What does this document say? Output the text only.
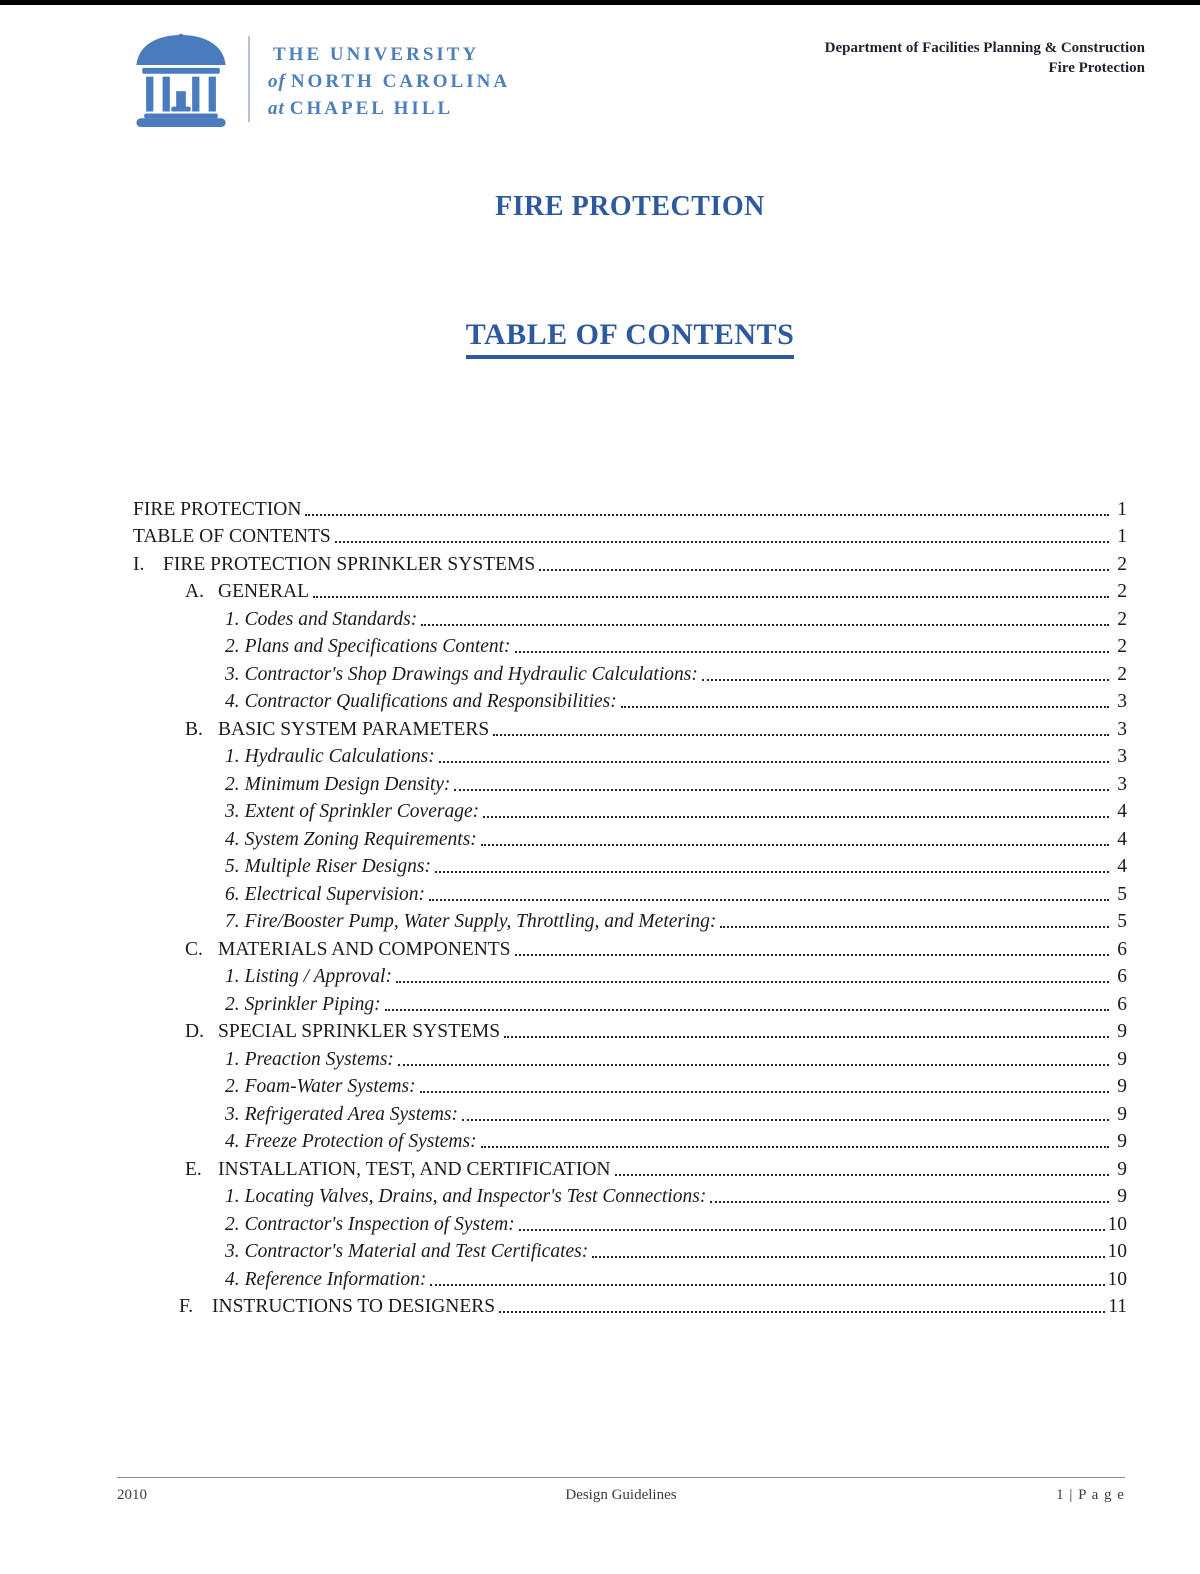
THE UNIVERSITY
of NORTH CAROLINA
at CHAPEL HILL
Department of Facilities Planning & Construction
Fire Protection
FIRE PROTECTION
TABLE OF CONTENTS
FIRE PROTECTION	1
TABLE OF CONTENTS	1
I. FIRE PROTECTION SPRINKLER SYSTEMS	2
A. GENERAL	2
1. Codes and Standards:	2
2. Plans and Specifications Content:	2
3. Contractor's Shop Drawings and Hydraulic Calculations:	2
4. Contractor Qualifications and Responsibilities:	3
B. BASIC SYSTEM PARAMETERS	3
1. Hydraulic Calculations:	3
2. Minimum Design Density:	3
3. Extent of Sprinkler Coverage:	4
4. System Zoning Requirements:	4
5. Multiple Riser Designs:	4
6. Electrical Supervision:	5
7. Fire/Booster Pump, Water Supply, Throttling, and Metering:	5
C. MATERIALS AND COMPONENTS	6
1. Listing / Approval:	6
2. Sprinkler Piping:	6
D. SPECIAL SPRINKLER SYSTEMS	9
1. Preaction Systems:	9
2. Foam-Water Systems:	9
3. Refrigerated Area Systems:	9
4. Freeze Protection of Systems:	9
E. INSTALLATION, TEST, AND CERTIFICATION	9
1. Locating Valves, Drains, and Inspector's Test Connections:	9
2. Contractor's Inspection of System:	10
3. Contractor's Material and Test Certificates:	10
4. Reference Information:	10
F. INSTRUCTIONS TO DESIGNERS	11
2010	Design Guidelines	1 | P a g e
